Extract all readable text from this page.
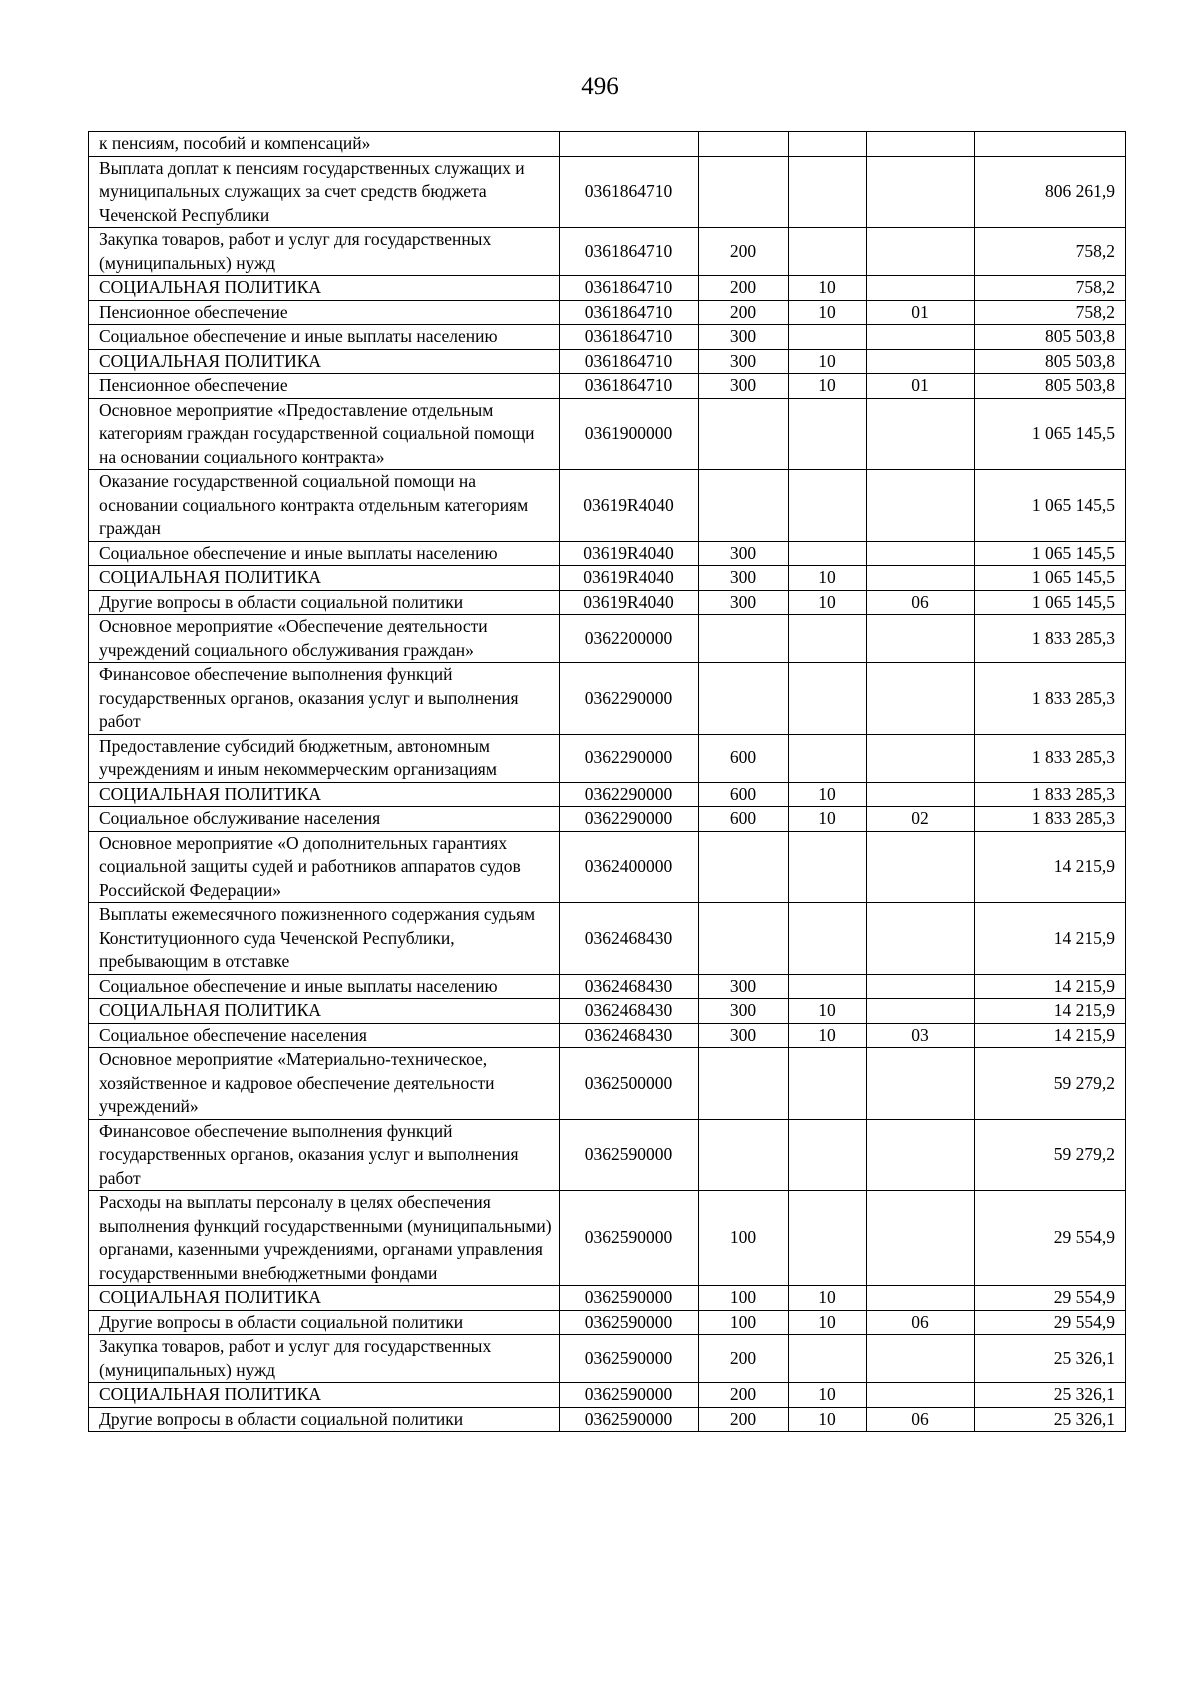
496
к пенсиям, пособий и компенсаций»					
Выплата доплат к пенсиям государственных служащих и муниципальных служащих за счет средств бюджета Чеченской Республики	0361864710				806 261,9
Закупка товаров, работ и услуг для государственных (муниципальных) нужд	0361864710	200			758,2
СОЦИАЛЬНАЯ ПОЛИТИКА	0361864710	200	10		758,2
Пенсионное обеспечение	0361864710	200	10	01	758,2
Социальное обеспечение и иные выплаты населению	0361864710	300			805 503,8
СОЦИАЛЬНАЯ ПОЛИТИКА	0361864710	300	10		805 503,8
Пенсионное обеспечение	0361864710	300	10	01	805 503,8
Основное мероприятие «Предоставление отдельным категориям граждан государственной социальной помощи на основании социального контракта»	0361900000				1 065 145,5
Оказание государственной социальной помощи на основании социального контракта отдельным категориям граждан	03619R4040				1 065 145,5
Социальное обеспечение и иные выплаты населению	03619R4040	300			1 065 145,5
СОЦИАЛЬНАЯ ПОЛИТИКА	03619R4040	300	10		1 065 145,5
Другие вопросы в области социальной политики	03619R4040	300	10	06	1 065 145,5
Основное мероприятие «Обеспечение деятельности учреждений социального обслуживания граждан»	0362200000				1 833 285,3
Финансовое обеспечение выполнения функций государственных органов, оказания услуг и выполнения работ	0362290000				1 833 285,3
Предоставление субсидий бюджетным, автономным учреждениям и иным некоммерческим организациям	0362290000	600			1 833 285,3
СОЦИАЛЬНАЯ ПОЛИТИКА	0362290000	600	10		1 833 285,3
Социальное обслуживание населения	0362290000	600	10	02	1 833 285,3
Основное мероприятие «О дополнительных гарантиях социальной защиты судей и работников аппаратов судов Российской Федерации»	0362400000				14 215,9
Выплаты ежемесячного пожизненного содержания судьям Конституционного суда Чеченской Республики, пребывающим в отставке	0362468430				14 215,9
Социальное обеспечение и иные выплаты населению	0362468430	300			14 215,9
СОЦИАЛЬНАЯ ПОЛИТИКА	0362468430	300	10		14 215,9
Социальное обеспечение населения	0362468430	300	10	03	14 215,9
Основное мероприятие «Материально-техническое, хозяйственное и кадровое обеспечение деятельности учреждений»	0362500000				59 279,2
Финансовое обеспечение выполнения функций государственных органов, оказания услуг и выполнения работ	0362590000				59 279,2
Расходы на выплаты персоналу в целях обеспечения выполнения функций государственными (муниципальными) органами, казенными учреждениями, органами управления государственными внебюджетными фондами	0362590000	100			29 554,9
СОЦИАЛЬНАЯ ПОЛИТИКА	0362590000	100	10		29 554,9
Другие вопросы в области социальной политики	0362590000	100	10	06	29 554,9
Закупка товаров, работ и услуг для государственных (муниципальных) нужд	0362590000	200			25 326,1
СОЦИАЛЬНАЯ ПОЛИТИКА	0362590000	200	10		25 326,1
Другие вопросы в области социальной политики	0362590000	200	10	06	25 326,1
